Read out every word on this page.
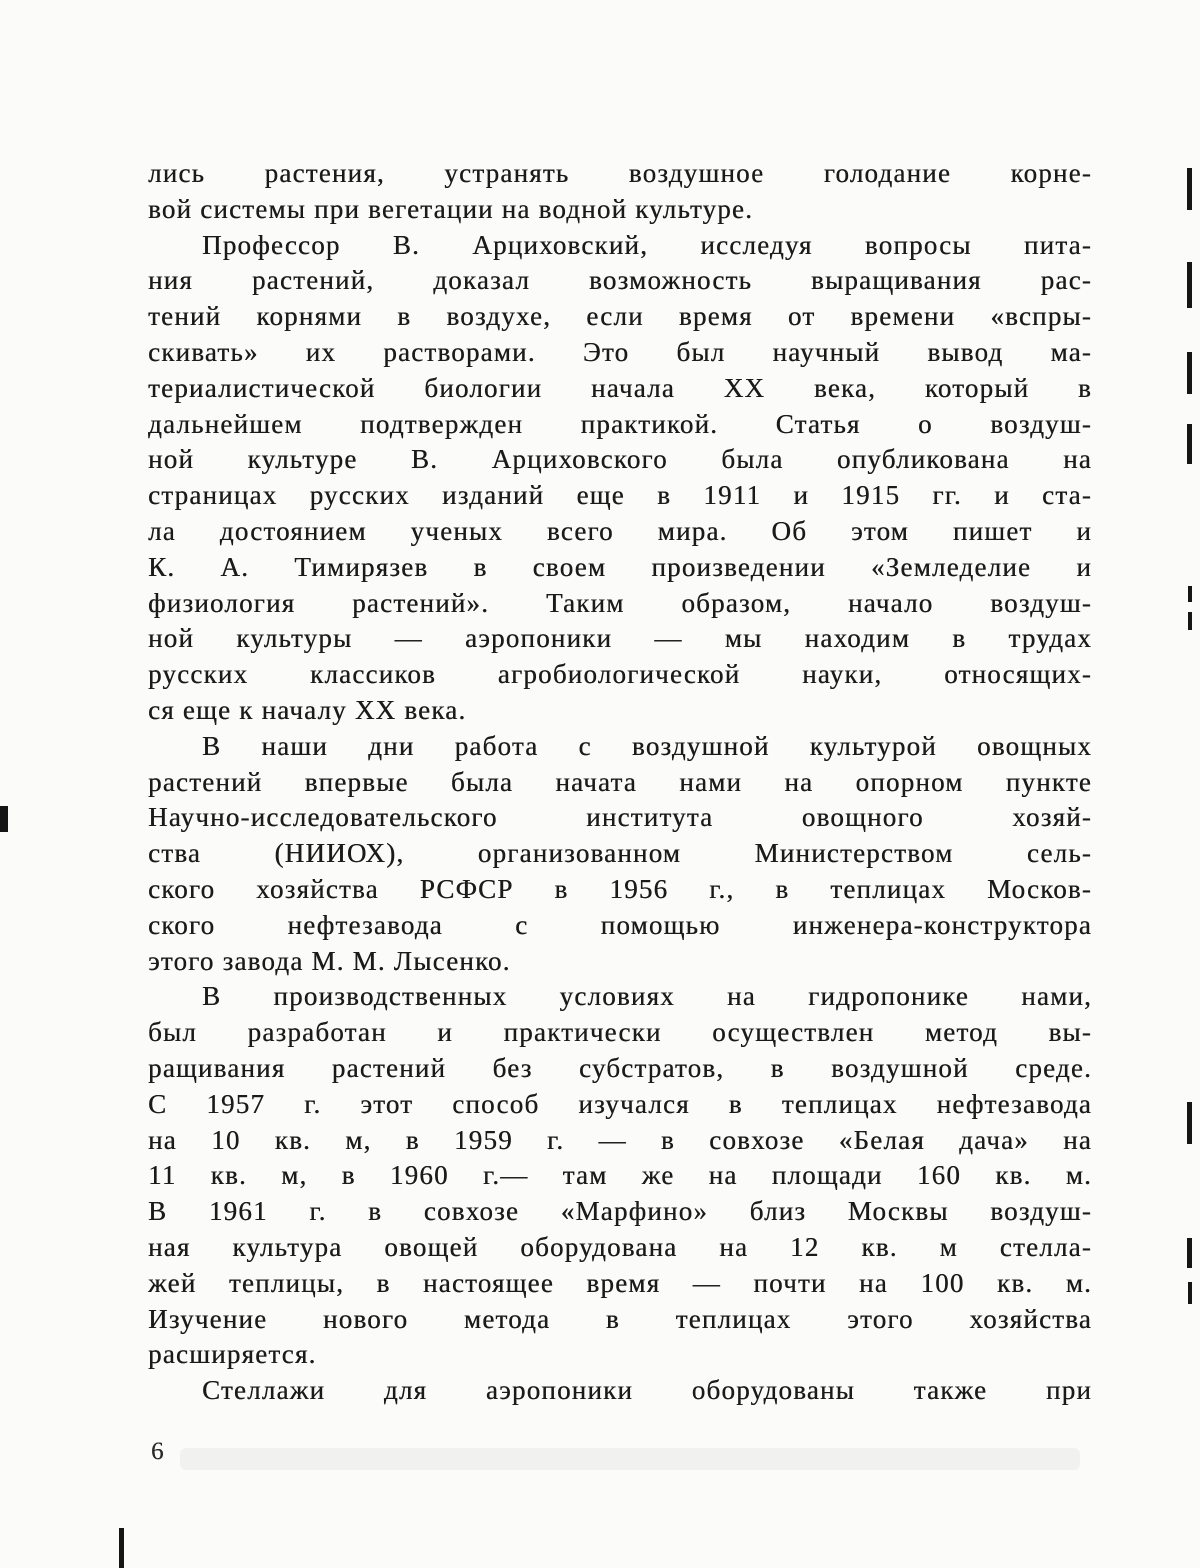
лись растения, устранять воздушное голодание корне-
вой системы при вегетации на водной культуре.
Профессор В. Арциховский, исследуя вопросы пита-
ния растений, доказал возможность выращивания рас-
тений корнями в воздухе, если время от времени «вспры-
скивать» их растворами. Это был научный вывод ма-
териалистической биологии начала XX века, который в
дальнейшем подтвержден практикой. Статья о воздуш-
ной культуре В. Арциховского была опубликована на
страницах русских изданий еще в 1911 и 1915 гг. и ста-
ла достоянием ученых всего мира. Об этом пишет и
К. А. Тимирязев в своем произведении «Земледелие и
физиология растений». Таким образом, начало воздуш-
ной культуры — аэропоники — мы находим в трудах
русских классиков агробиологической науки, относящих-
ся еще к началу XX века.
В наши дни работа с воздушной культурой овощных
растений впервые была начата нами на опорном пункте
Научно-исследовательского института овощного хозяй-
ства (НИИОХ), организованном Министерством сель-
ского хозяйства РСФСР в 1956 г., в теплицах Москов-
ского нефтезавода с помощью инженера-конструктора
этого завода М. М. Лысенко.
В производственных условиях на гидропонике нами,
был разработан и практически осуществлен метод вы-
ращивания растений без субстратов, в воздушной среде.
С 1957 г. этот способ изучался в теплицах нефтезавода
на 10 кв. м, в 1959 г. — в совхозе «Белая дача» на
11 кв. м, в 1960 г.— там же на площади 160 кв. м.
В 1961 г. в совхозе «Марфино» близ Москвы воздуш-
ная культура овощей оборудована на 12 кв. м стелла-
жей теплицы, в настоящее время — почти на 100 кв. м.
Изучение нового метода в теплицах этого хозяйства
расширяется.
Стеллажи для аэропоники оборудованы также при
6
